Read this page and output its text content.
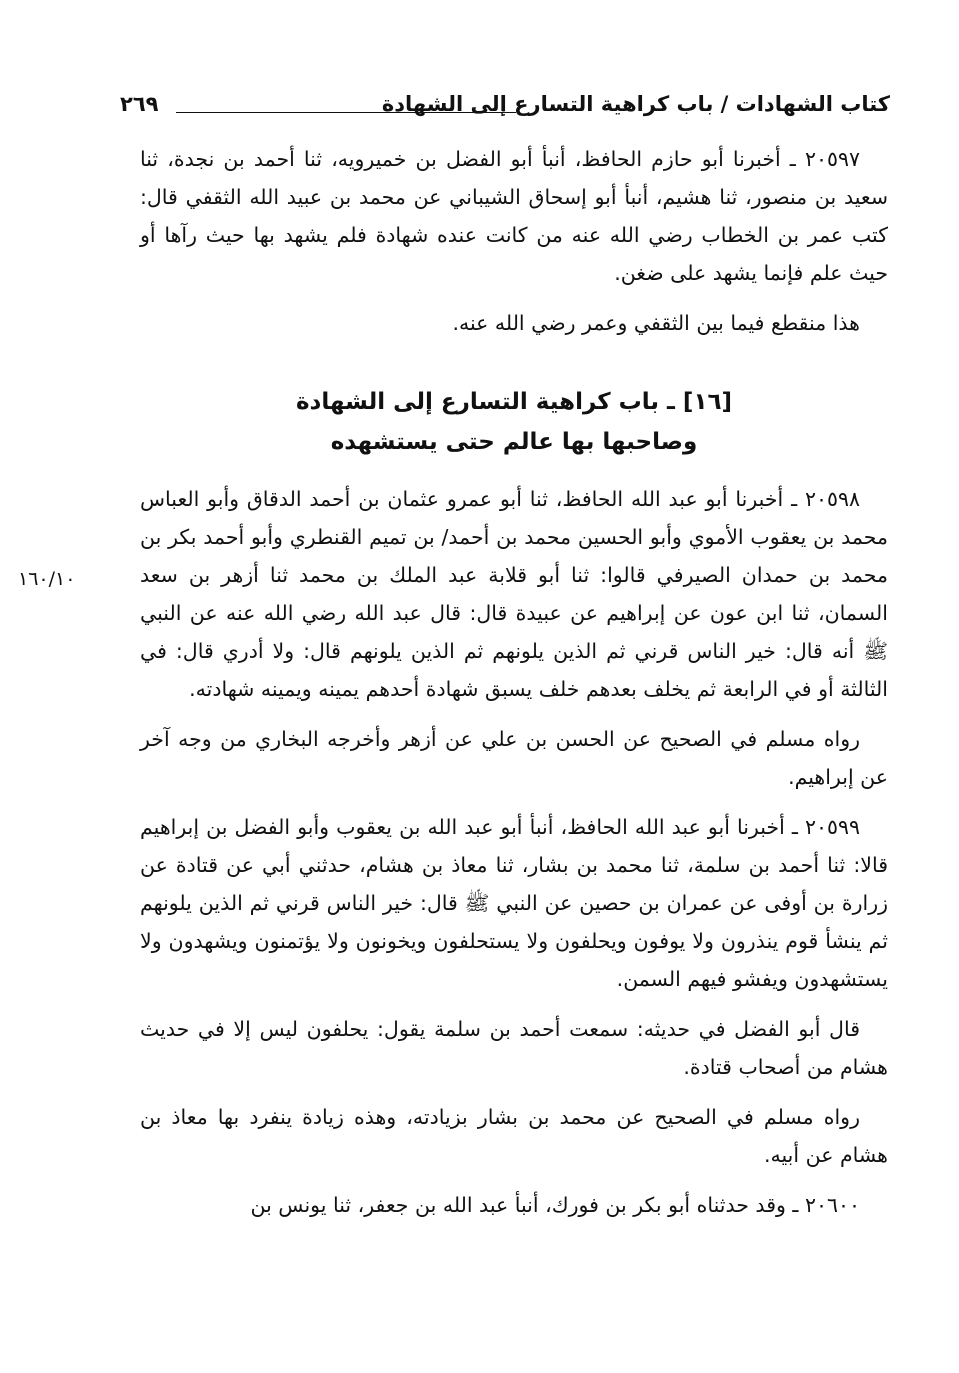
كتاب الشهادات / باب كراهية التسارع إلى الشهادة
٢٦٩
١٦٠/١٠

٢٠٥٩٧ ـ أخبرنا أبو حازم الحافظ، أنبأ أبو الفضل بن خميرويه، ثنا أحمد بن نجدة، ثنا سعيد بن منصور، ثنا هشيم، أنبأ أبو إسحاق الشيباني عن محمد بن عبيد الله الثقفي قال: كتب عمر بن الخطاب رضي الله عنه من كانت عنده شهادة فلم يشهد بها حيث رآها أو حيث علم فإنما يشهد على ضغن.

هذا منقطع فيما بين الثقفي وعمر رضي الله عنه.

[١٦] ـ باب كراهية التسارع إلى الشهادة
وصاحبها بها عالم حتى يستشهده

٢٠٥٩٨ ـ أخبرنا أبو عبد الله الحافظ، ثنا أبو عمرو عثمان بن أحمد الدقاق وأبو العباس محمد بن يعقوب الأموي وأبو الحسين محمد بن أحمد/ بن تميم القنطري وأبو أحمد بكر بن محمد بن حمدان الصيرفي قالوا: ثنا أبو قلابة عبد الملك بن محمد ثنا أزهر بن سعد السمان، ثنا ابن عون عن إبراهيم عن عبيدة قال: قال عبد الله رضي الله عنه عن النبي ﷺ أنه قال: خير الناس قرني ثم الذين يلونهم ثم الذين يلونهم قال: ولا أدري قال: في الثالثة أو في الرابعة ثم يخلف بعدهم خلف يسبق شهادة أحدهم يمينه ويمينه شهادته.

رواه مسلم في الصحيح عن الحسن بن علي عن أزهر وأخرجه البخاري من وجه آخر عن إبراهيم.

٢٠٥٩٩ ـ أخبرنا أبو عبد الله الحافظ، أنبأ أبو عبد الله بن يعقوب وأبو الفضل بن إبراهيم قالا: ثنا أحمد بن سلمة، ثنا محمد بن بشار، ثنا معاذ بن هشام، حدثني أبي عن قتادة عن زرارة بن أوفى عن عمران بن حصين عن النبي ﷺ قال: خير الناس قرني ثم الذين يلونهم ثم ينشأ قوم ينذرون ولا يوفون ويحلفون ولا يستحلفون ويخونون ولا يؤتمنون ويشهدون ولا يستشهدون ويفشو فيهم السمن.

قال أبو الفضل في حديثه: سمعت أحمد بن سلمة يقول: يحلفون ليس إلا في حديث هشام من أصحاب قتادة.

رواه مسلم في الصحيح عن محمد بن بشار بزيادته، وهذه زيادة ينفرد بها معاذ بن هشام عن أبيه.

٢٠٦٠٠ ـ وقد حدثناه أبو بكر بن فورك، أنبأ عبد الله بن جعفر، ثنا يونس بن
